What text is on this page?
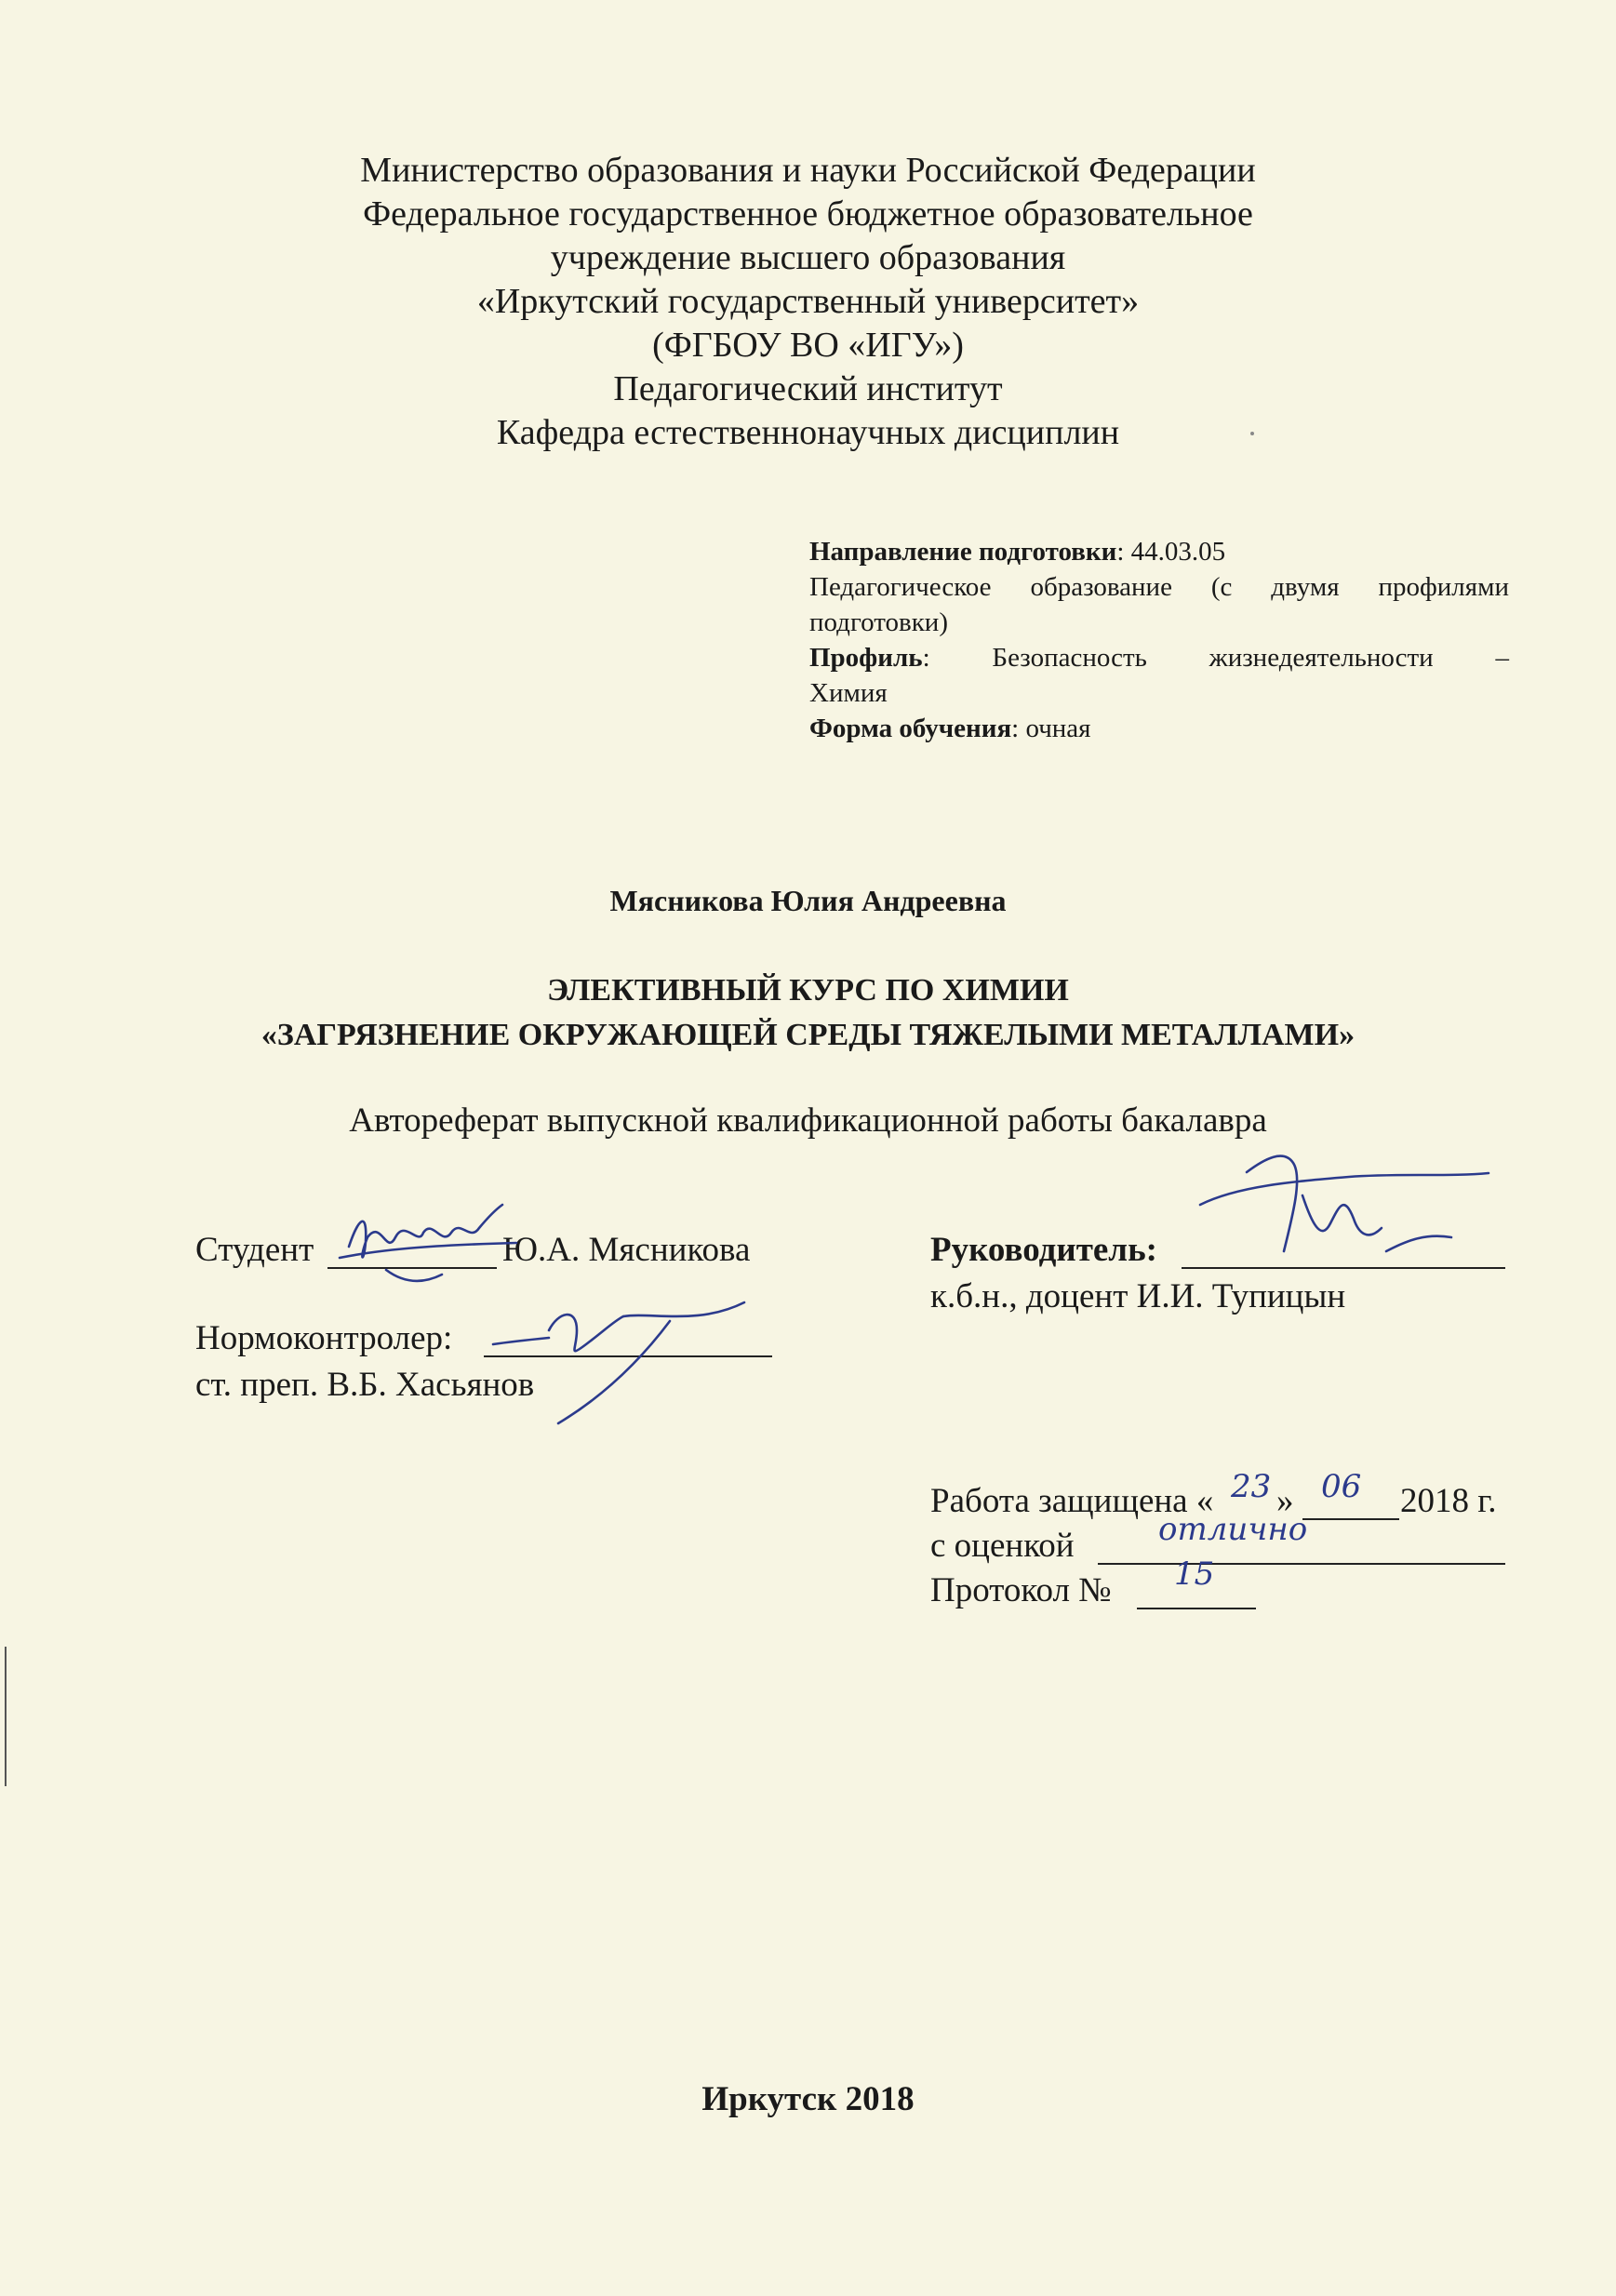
Министерство образования и науки Российской Федерации
Федеральное государственное бюджетное образовательное
учреждение высшего образования
«Иркутский государственный университет»
(ФГБОУ ВО «ИГУ»)
Педагогический институт
Кафедра естественнонаучных дисциплин
Направление подготовки: 44.03.05
Педагогическое образование (с двумя профилями
подготовки)
Профиль: Безопасность жизнедеятельности –
Химия
Форма обучения: очная
Мясникова Юлия Андреевна
ЭЛЕКТИВНЫЙ КУРС ПО ХИМИИ
«ЗАГРЯЗНЕНИЕ ОКРУЖАЮЩЕЙ СРЕДЫ ТЯЖЕЛЫМИ МЕТАЛЛАМИ»
Автореферат выпускной квалификационной работы бакалавра
Студент	Ю.А. Мясникова	Руководитель:
к.б.н., доцент И.И. Тупицын
Нормоконтролер:
ст. преп. В.Б. Хасьянов
Работа защищена « 23 » 06 2018 г.
с оценкой	отлично
Протокол № 15
Иркутск 2018
